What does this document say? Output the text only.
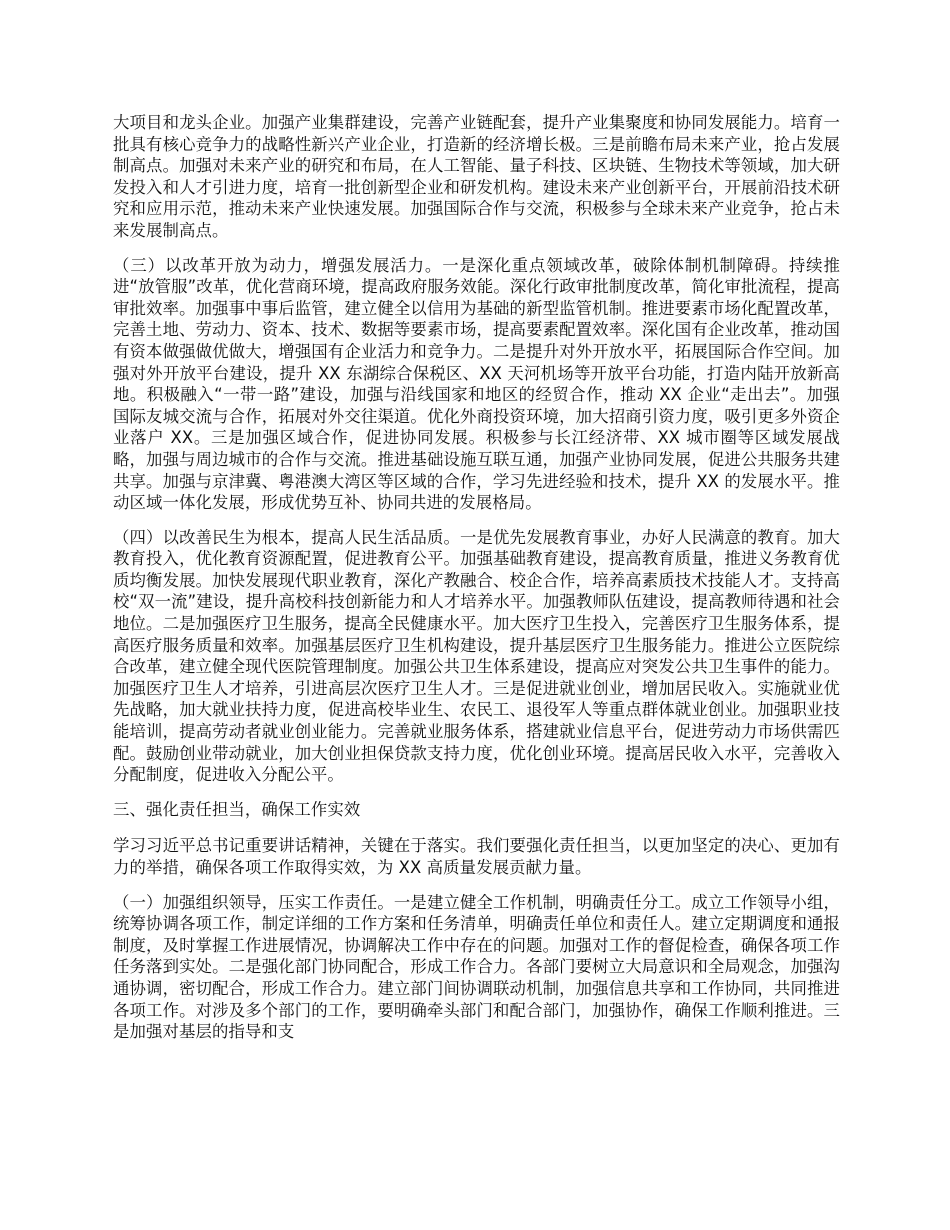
大项目和龙头企业。加强产业集群建设，完善产业链配套，提升产业集聚度和协同发展能力。培育一批具有核心竞争力的战略性新兴产业企业，打造新的经济增长极。三是前瞻布局未来产业，抢占发展制高点。加强对未来产业的研究和布局，在人工智能、量子科技、区块链、生物技术等领域，加大研发投入和人才引进力度，培育一批创新型企业和研发机构。建设未来产业创新平台，开展前沿技术研究和应用示范，推动未来产业快速发展。加强国际合作与交流，积极参与全球未来产业竞争，抢占未来发展制高点。

（三）以改革开放为动力，增强发展活力。一是深化重点领域改革，破除体制机制障碍。持续推进“放管服”改革，优化营商环境，提高政府服务效能。深化行政审批制度改革，简化审批流程，提高审批效率。加强事中事后监管，建立健全以信用为基础的新型监管机制。推进要素市场化配置改革，完善土地、劳动力、资本、技术、数据等要素市场，提高要素配置效率。深化国有企业改革，推动国有资本做强做优做大，增强国有企业活力和竞争力。二是提升对外开放水平，拓展国际合作空间。加强对外开放平台建设，提升 XX 东湖综合保税区、XX 天河机场等开放平台功能，打造内陆开放新高地。积极融入“一带一路”建设，加强与沿线国家和地区的经贸合作，推动 XX 企业“走出去”。加强国际友城交流与合作，拓展对外交往渠道。优化外商投资环境，加大招商引资力度，吸引更多外资企业落户 XX。三是加强区域合作，促进协同发展。积极参与长江经济带、XX 城市圈等区域发展战略，加强与周边城市的合作与交流。推进基础设施互联互通，加强产业协同发展，促进公共服务共建共享。加强与京津冀、粤港澳大湾区等区域的合作，学习先进经验和技术，提升 XX 的发展水平。推动区域一体化发展，形成优势互补、协同共进的发展格局。

（四）以改善民生为根本，提高人民生活品质。一是优先发展教育事业，办好人民满意的教育。加大教育投入，优化教育资源配置，促进教育公平。加强基础教育建设，提高教育质量，推进义务教育优质均衡发展。加快发展现代职业教育，深化产教融合、校企合作，培养高素质技术技能人才。支持高校“双一流”建设，提升高校科技创新能力和人才培养水平。加强教师队伍建设，提高教师待遇和社会地位。二是加强医疗卫生服务，提高全民健康水平。加大医疗卫生投入，完善医疗卫生服务体系，提高医疗服务质量和效率。加强基层医疗卫生机构建设，提升基层医疗卫生服务能力。推进公立医院综合改革，建立健全现代医院管理制度。加强公共卫生体系建设，提高应对突发公共卫生事件的能力。加强医疗卫生人才培养，引进高层次医疗卫生人才。三是促进就业创业，增加居民收入。实施就业优先战略，加大就业扶持力度，促进高校毕业生、农民工、退役军人等重点群体就业创业。加强职业技能培训，提高劳动者就业创业能力。完善就业服务体系，搭建就业信息平台，促进劳动力市场供需匹配。鼓励创业带动就业，加大创业担保贷款支持力度，优化创业环境。提高居民收入水平，完善收入分配制度，促进收入分配公平。

三、强化责任担当，确保工作实效

学习习近平总书记重要讲话精神，关键在于落实。我们要强化责任担当，以更加坚定的决心、更加有力的举措，确保各项工作取得实效，为 XX 高质量发展贡献力量。

（一）加强组织领导，压实工作责任。一是建立健全工作机制，明确责任分工。成立工作领导小组，统筹协调各项工作，制定详细的工作方案和任务清单，明确责任单位和责任人。建立定期调度和通报制度，及时掌握工作进展情况，协调解决工作中存在的问题。加强对工作的督促检查，确保各项工作任务落到实处。二是强化部门协同配合，形成工作合力。各部门要树立大局意识和全局观念，加强沟通协调，密切配合，形成工作合力。建立部门间协调联动机制，加强信息共享和工作协同，共同推进各项工作。对涉及多个部门的工作，要明确牵头部门和配合部门，加强协作，确保工作顺利推进。三是加强对基层的指导和支
